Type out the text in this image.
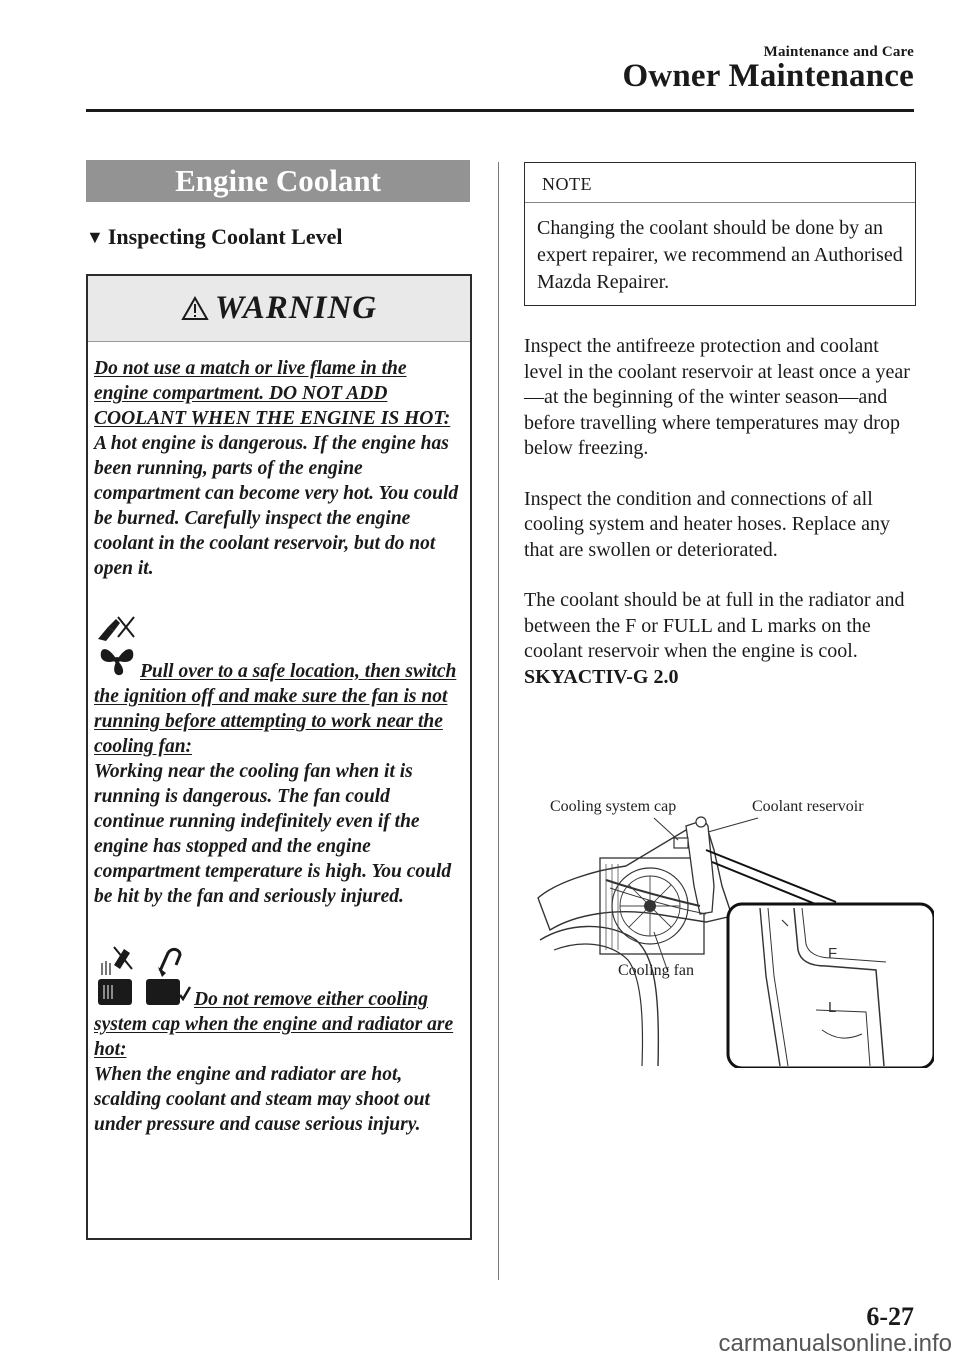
Maintenance and Care
Owner Maintenance
Engine Coolant
▼ Inspecting Coolant Level
WARNING

Do not use a match or live flame in the engine compartment. DO NOT ADD COOLANT WHEN THE ENGINE IS HOT:

A hot engine is dangerous. If the engine has been running, parts of the engine compartment can become very hot. You could be burned. Carefully inspect the engine coolant in the coolant reservoir, but do not open it.

Pull over to a safe location, then switch the ignition off and make sure the fan is not running before attempting to work near the cooling fan:

Working near the cooling fan when it is running is dangerous. The fan could continue running indefinitely even if the engine has stopped and the engine compartment temperature is high. You could be hit by the fan and seriously injured.

Do not remove either cooling system cap when the engine and radiator are hot:

When the engine and radiator are hot, scalding coolant and steam may shoot out under pressure and cause serious injury.

NOTE
Changing the coolant should be done by an expert repairer, we recommend an Authorised Mazda Repairer.

Inspect the antifreeze protection and coolant level in the coolant reservoir at least once a year—at the beginning of the winter season—and before travelling where temperatures may drop below freezing.

Inspect the condition and connections of all cooling system and heater hoses. Replace any that are swollen or deteriorated.

The coolant should be at full in the radiator and between the F or FULL and L marks on the coolant reservoir when the engine is cool.

SKYACTIV-G 2.0

F
L
Cooling system cap	Coolant reservoir
Cooling fan
6-27
carmanualsonline.info
